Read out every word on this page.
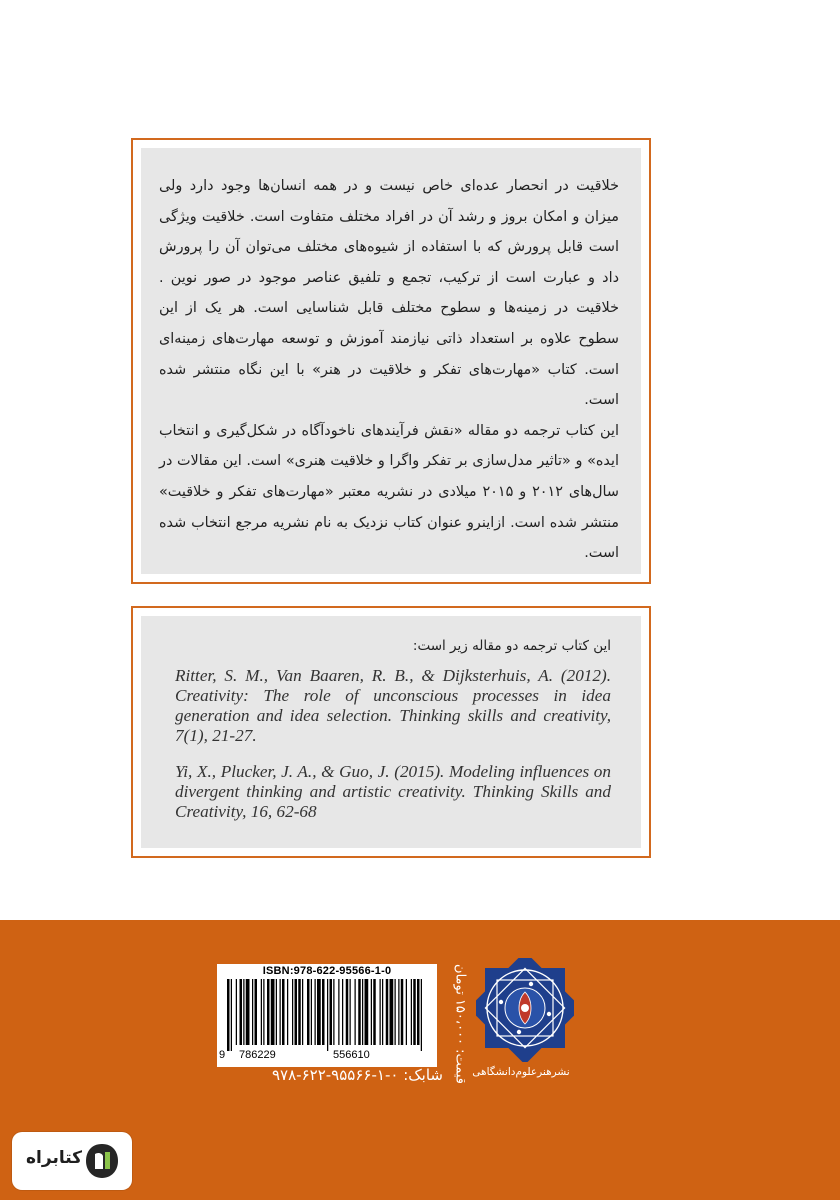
خلاقیت در انحصار عده‌ای خاص نیست و در همه انسان‌ها وجود دارد ولی میزان و امکان بروز و رشد آن در افراد مختلف متفاوت است. خلاقیت ویژگی است قابل پرورش که با استفاده از شیوه‌های مختلف می‌توان آن را پرورش داد و عبارت است از ترکیب، تجمع و تلفیق عناصر موجود در صور نوین . خلاقیت در زمینه‌ها و سطوح مختلف قابل شناسایی است. هر یک از این سطوح علاوه بر استعداد ذاتی نیازمند آموزش و توسعه مهارت‌های زمینه‌ای است. کتاب «مهارت‌های تفکر و خلاقیت در هنر» با این نگاه منتشر شده است.

این کتاب ترجمه دو مقاله «نقش فرآیندهای ناخودآگاه در شکل‌گیری و انتخاب ایده» و «تاثیر مدل‌سازی بر تفکر واگرا و خلاقیت هنری» است. این مقالات در سال‌های ۲۰۱۲ و ۲۰۱۵ میلادی در نشریه معتبر «مهارت‌های تفکر و خلاقیت» منتشر شده است. ازاینرو عنوان کتاب نزدیک به نام نشریه مرجع انتخاب شده است.

این کتاب ترجمه دو مقاله زیر است:

Ritter, S. M., Van Baaren, R. B., & Dijksterhuis, A. (2012). Creativity: The role of unconscious processes in idea generation and idea selection. Thinking skills and creativity, 7(1), 21-27.

Yi, X., Plucker, J. A., & Guo, J. (2015). Modeling influences on divergent thinking and artistic creativity. Thinking Skills and Creativity, 16, 62-68

ISBN:978-622-95566-1-0
9 786229	556610
شابک: ۰-۱-۹۵۵۶۶-۶۲۲-۹۷۸
قیمت: ۱۵۰،۰۰۰ تومان نشرهنرعلوم‌دانشگاهی
کتابراه
